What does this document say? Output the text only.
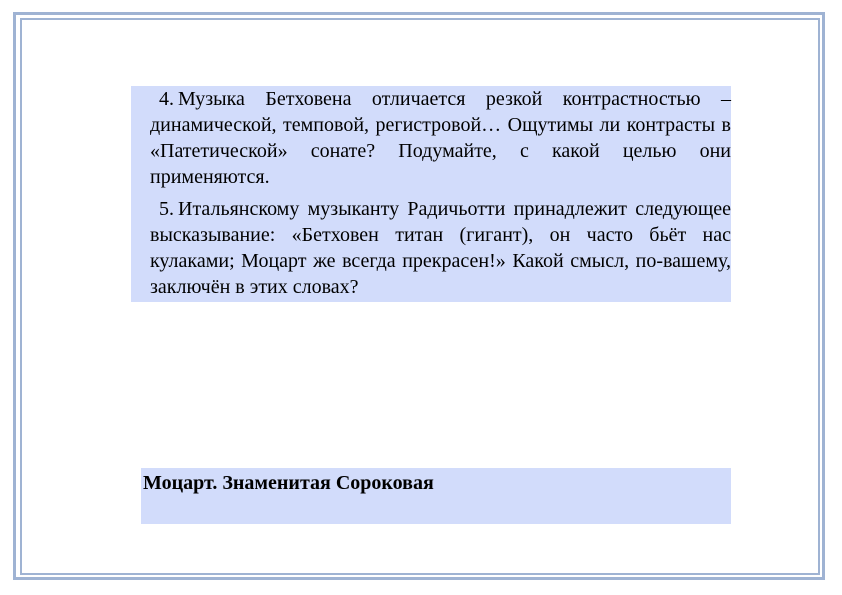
4. Музыка Бетховена отличается резкой контрастностью – динамической, темповой, регистровой… Ощутимы ли контрасты в «Патетической» сонате? Подумайте, с какой целью они применяются.

5. Итальянскому музыканту Радичьотти принадлежит следующее высказывание: «Бетховен титан (гигант), он часто бьёт нас кулаками; Моцарт же всегда прекрасен!» Какой смысл, по-вашему, заключён в этих словах?

Моцарт. Знаменитая Сороковая
